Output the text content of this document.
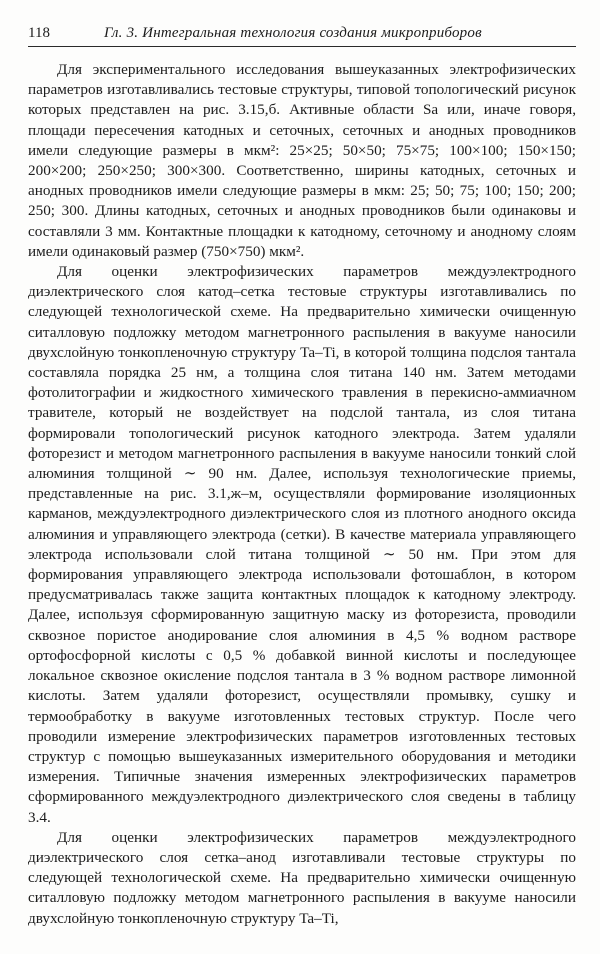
118	Гл. 3. Интегральная технология создания микроприборов

Для экспериментального исследования вышеуказанных электрофизических параметров изготавливались тестовые структуры, типовой топологический рисунок которых представлен на рис. 3.15,б. Активные области Sa или, иначе говоря, площади пересечения катодных и сеточных, сеточных и анодных проводников имели следующие размеры в мкм²: 25×25; 50×50; 75×75; 100×100; 150×150; 200×200; 250×250; 300×300. Соответственно, ширины катодных, сеточных и анодных проводников имели следующие размеры в мкм: 25; 50; 75; 100; 150; 200; 250; 300. Длины катодных, сеточных и анодных проводников были одинаковы и составляли 3 мм. Контактные площадки к катодному, сеточному и анодному слоям имели одинаковый размер (750×750) мкм².

Для оценки электрофизических параметров междуэлектродного диэлектрического слоя катод–сетка тестовые структуры изготавливались по следующей технологической схеме. На предварительно химически очищенную ситалловую подложку методом магнетронного распыления в вакууме наносили двухслойную тонкопленочную структуру Ta–Ti, в которой толщина подслоя тантала составляла порядка 25 нм, а толщина слоя титана 140 нм. Затем методами фотолитографии и жидкостного химического травления в перекисно-аммиачном травителе, который не воздействует на подслой тантала, из слоя титана формировали топологический рисунок катодного электрода. Затем удаляли фоторезист и методом магнетронного распыления в вакууме наносили тонкий слой алюминия толщиной ∼ 90 нм. Далее, используя технологические приемы, представленные на рис. 3.1,ж–м, осуществляли формирование изоляционных карманов, междуэлектродного диэлектрического слоя из плотного анодного оксида алюминия и управляющего электрода (сетки). В качестве материала управляющего электрода использовали слой титана толщиной ∼ 50 нм. При этом для формирования управляющего электрода использовали фотошаблон, в котором предусматривалась также защита контактных площадок к катодному электроду. Далее, используя сформированную защитную маску из фоторезиста, проводили сквозное пористое анодирование слоя алюминия в 4,5 % водном растворе ортофосфорной кислоты с 0,5 % добавкой винной кислоты и последующее локальное сквозное окисление подслоя тантала в 3 % водном растворе лимонной кислоты. Затем удаляли фоторезист, осуществляли промывку, сушку и термообработку в вакууме изготовленных тестовых структур. После чего проводили измерение электрофизических параметров изготовленных тестовых структур с помощью вышеуказанных измерительного оборудования и методики измерения. Типичные значения измеренных электрофизических параметров сформированного междуэлектродного диэлектрического слоя сведены в таблицу 3.4.

Для оценки электрофизических параметров междуэлектродного диэлектрического слоя сетка–анод изготавливали тестовые структуры по следующей технологической схеме. На предварительно химически очищенную ситалловую подложку методом магнетронного распыления в вакууме наносили двухслойную тонкопленочную структуру Ta–Ti,
